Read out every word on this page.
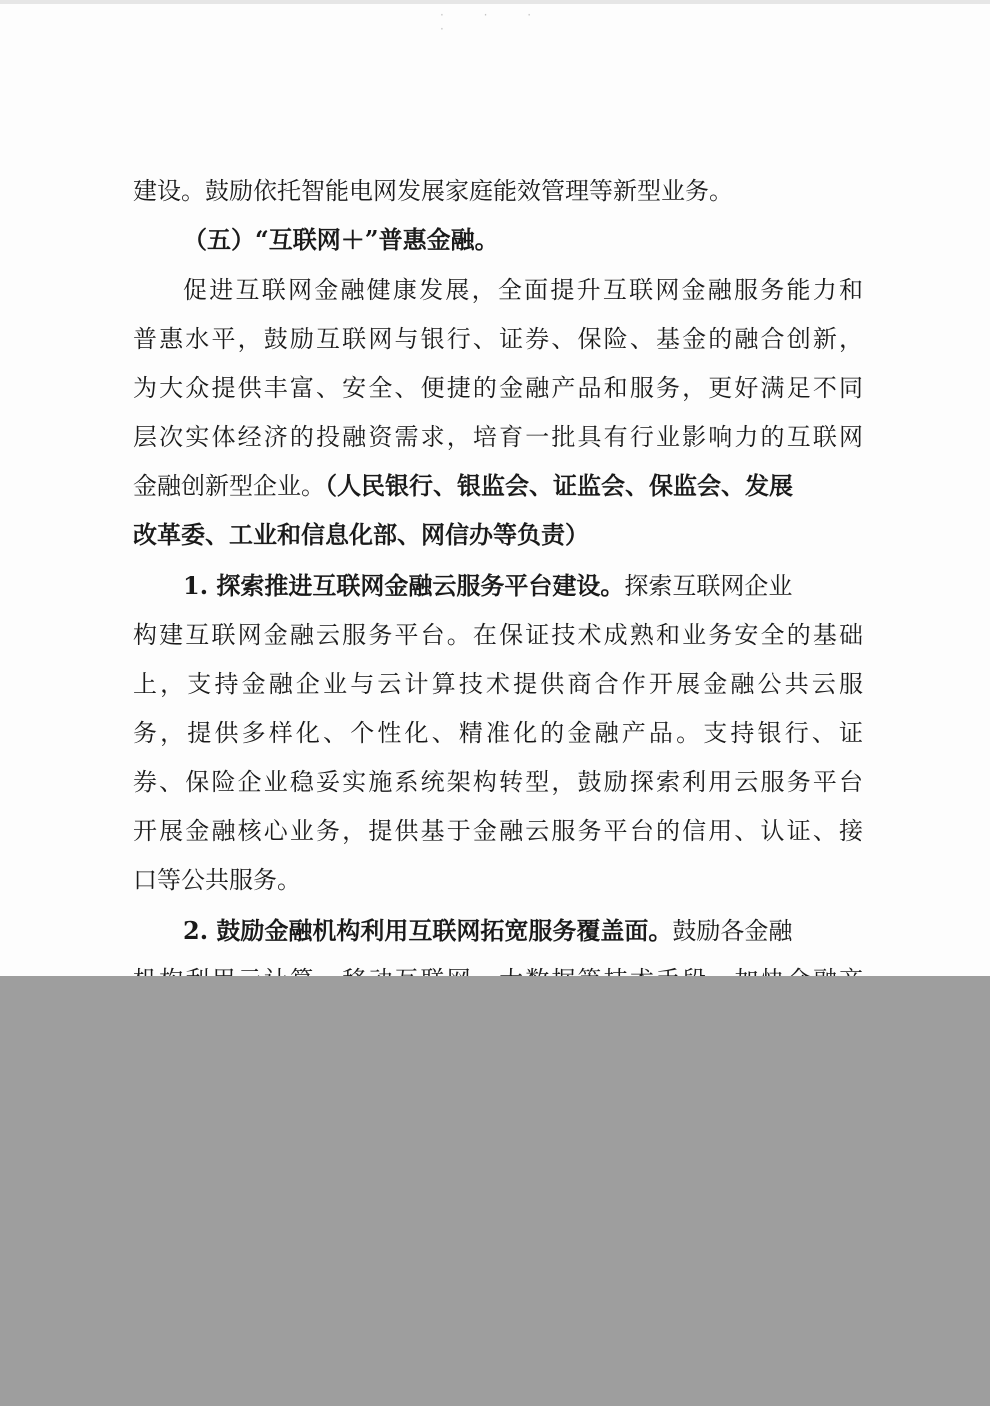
· · · ·
建设。鼓励依托智能电网发展家庭能效管理等新型业务。
（五）“互联网＋”普惠金融。
促进互联网金融健康发展，全面提升互联网金融服务能力和
普惠水平，鼓励互联网与银行、证券、保险、基金的融合创新，
为大众提供丰富、安全、便捷的金融产品和服务，更好满足不同
层次实体经济的投融资需求，培育一批具有行业影响力的互联网
金融创新型企业。（人民银行、银监会、证监会、保监会、发展
改革委、工业和信息化部、网信办等负责）
1. 探索推进互联网金融云服务平台建设。探索互联网企业
构建互联网金融云服务平台。在保证技术成熟和业务安全的基础
上，支持金融企业与云计算技术提供商合作开展金融公共云服
务，提供多样化、个性化、精准化的金融产品。支持银行、证
券、保险企业稳妥实施系统架构转型，鼓励探索利用云服务平台
开展金融核心业务，提供基于金融云服务平台的信用、认证、接
口等公共服务。
2. 鼓励金融机构利用互联网拓宽服务覆盖面。鼓励各金融
